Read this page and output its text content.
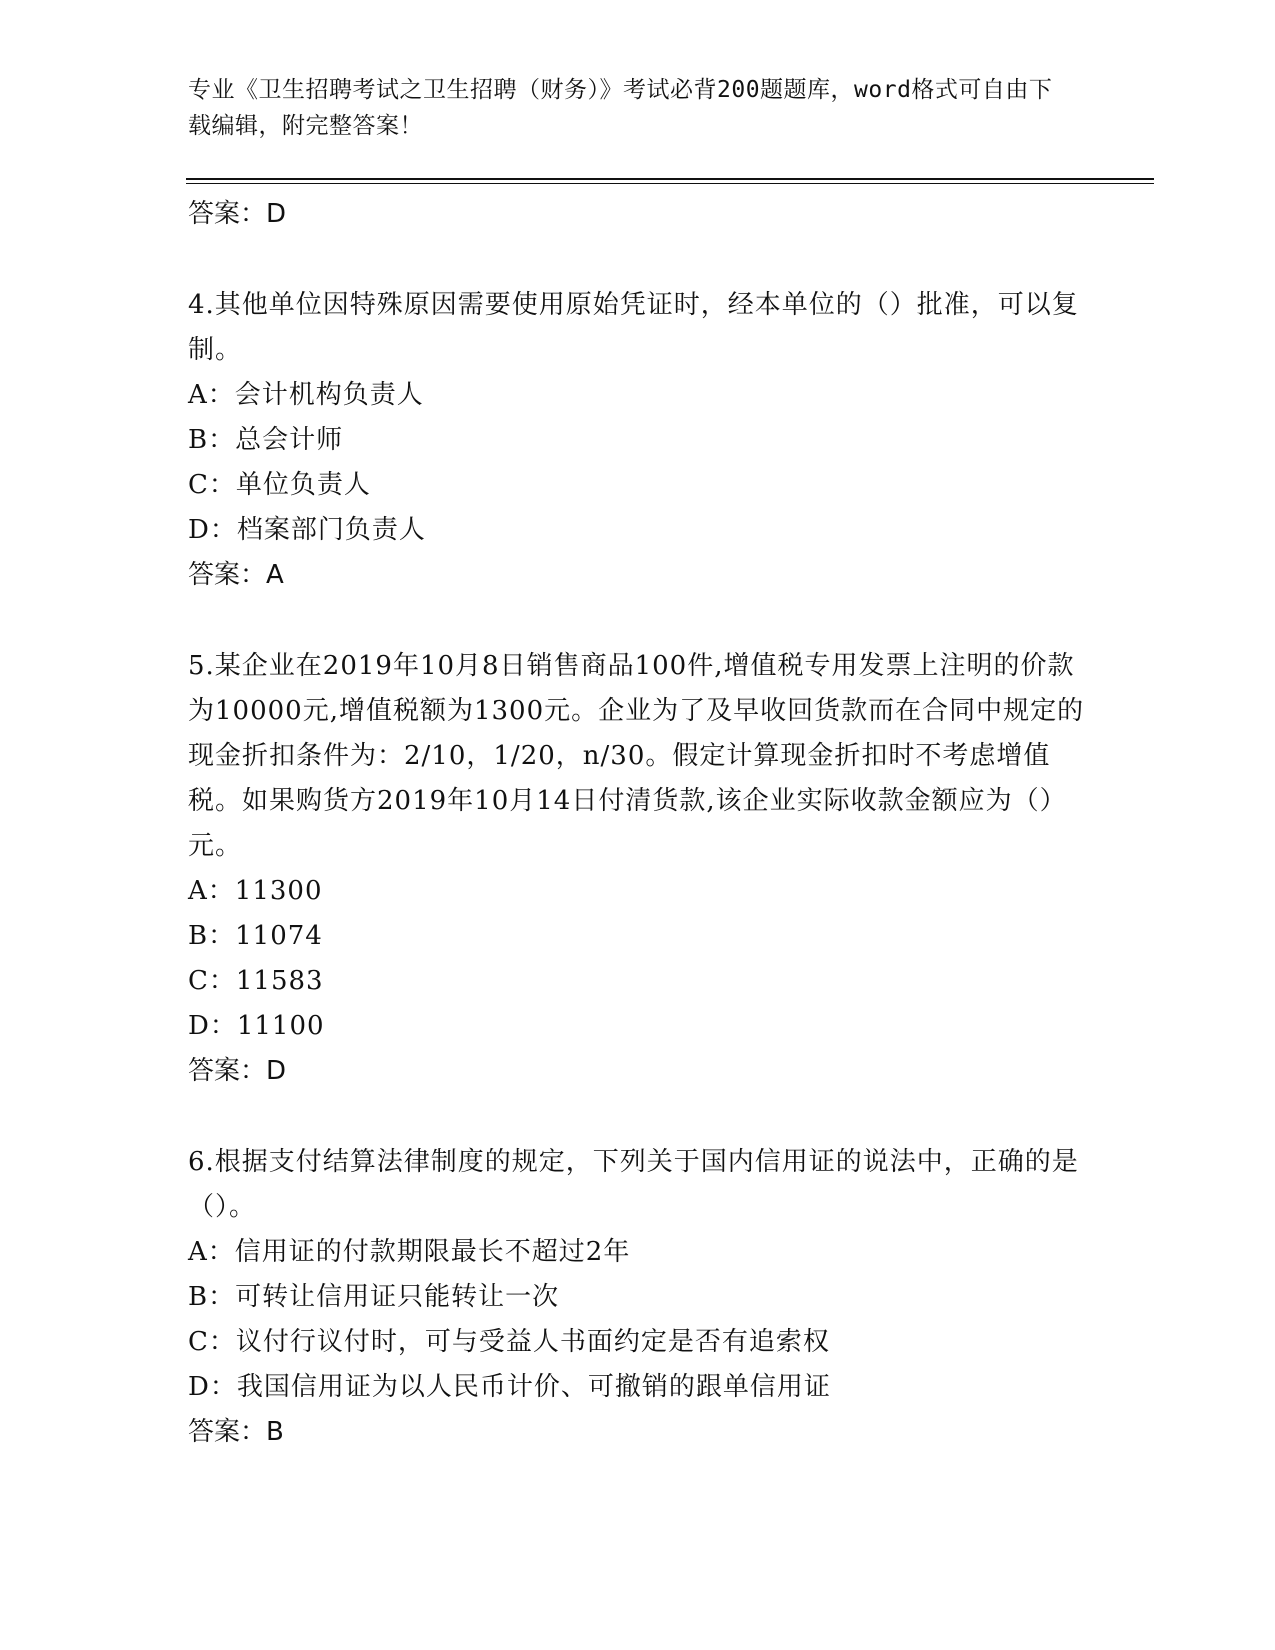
专业《卫生招聘考试之卫生招聘（财务）》考试必背200题题库，word格式可自由下载编辑，附完整答案！

答案：D

4.其他单位因特殊原因需要使用原始凭证时，经本单位的（）批准，可以复制。

A：会计机构负责人

B：总会计师

C：单位负责人

D：档案部门负责人

答案：A

5.某企业在2019年10月8日销售商品100件,增值税专用发票上注明的价款为10000元,增值税额为1300元。企业为了及早收回货款而在合同中规定的现金折扣条件为：2/10，1/20，n/30。假定计算现金折扣时不考虑增值税。如果购货方2019年10月14日付清货款,该企业实际收款金额应为（）元。

A：11300

B：11074

C：11583

D：11100

答案：D

6.根据支付结算法律制度的规定，下列关于国内信用证的说法中，正确的是（）。

A：信用证的付款期限最长不超过2年

B：可转让信用证只能转让一次

C：议付行议付时，可与受益人书面约定是否有追索权

D：我国信用证为以人民币计价、可撤销的跟单信用证

答案：B
